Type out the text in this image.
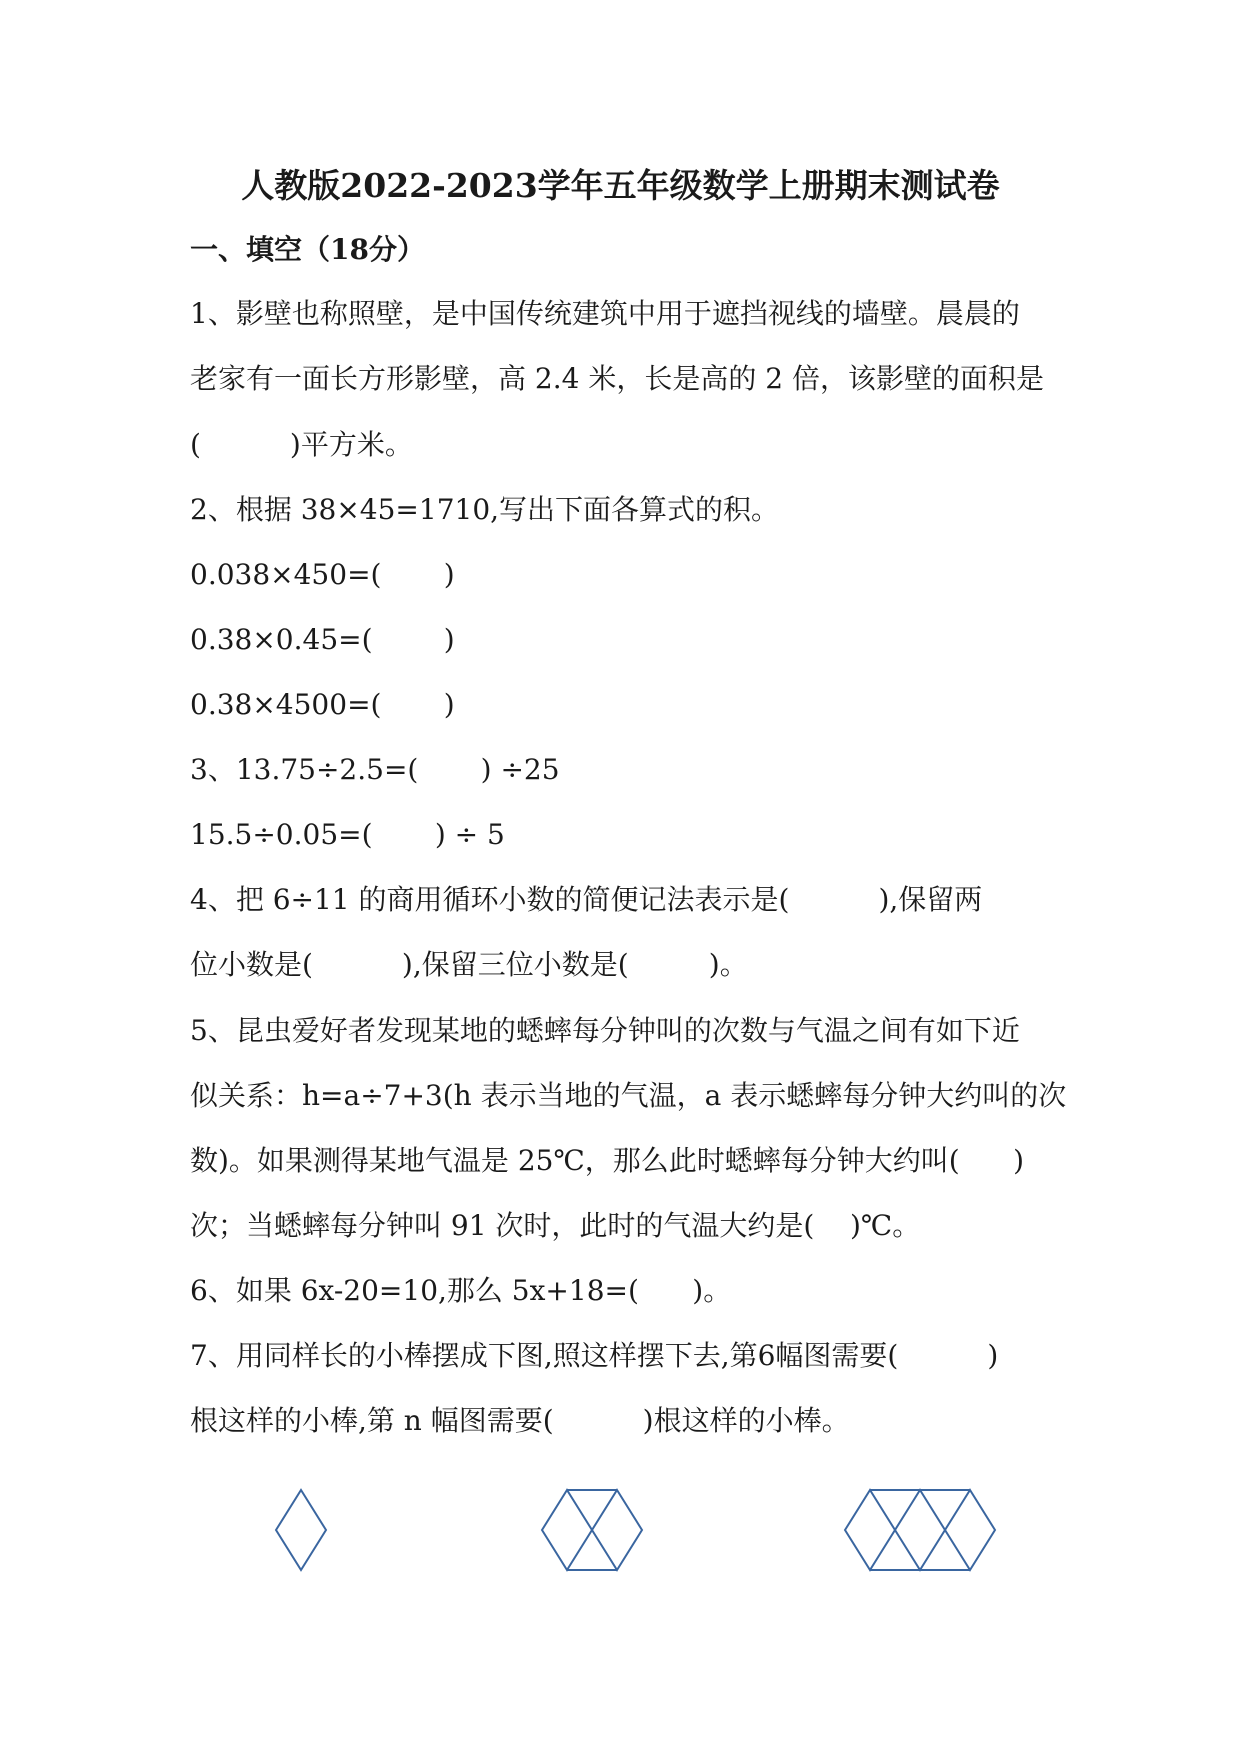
人教版2022-2023学年五年级数学上册期末测试卷
一、填空（18分）
1、影壁也称照壁，是中国传统建筑中用于遮挡视线的墙壁。晨晨的
老家有一面长方形影壁，高 2.4 米，长是高的 2 倍，该影壁的面积是
(          )平方米。
2、根据 38×45=1710,写出下面各算式的积。
0.038×450=(       )
0.38×0.45=(        )
0.38×4500=(       )
3、13.75÷2.5=(       ) ÷25
15.5÷0.05=(       ) ÷ 5
4、把 6÷11 的商用循环小数的简便记法表示是(          ),保留两
位小数是(          ),保留三位小数是(         )。
5、昆虫爱好者发现某地的蟋蟀每分钟叫的次数与气温之间有如下近
似关系：h=a÷7+3(h 表示当地的气温，a 表示蟋蟀每分钟大约叫的次
数)。如果测得某地气温是 25℃，那么此时蟋蟀每分钟大约叫(      )
次；当蟋蟀每分钟叫 91 次时，此时的气温大约是(    )℃。
6、如果 6x-20=10,那么 5x+18=(      )。
7、用同样长的小棒摆成下图,照这样摆下去,第6幅图需要(          )
根这样的小棒,第 n 幅图需要(          )根这样的小棒。
